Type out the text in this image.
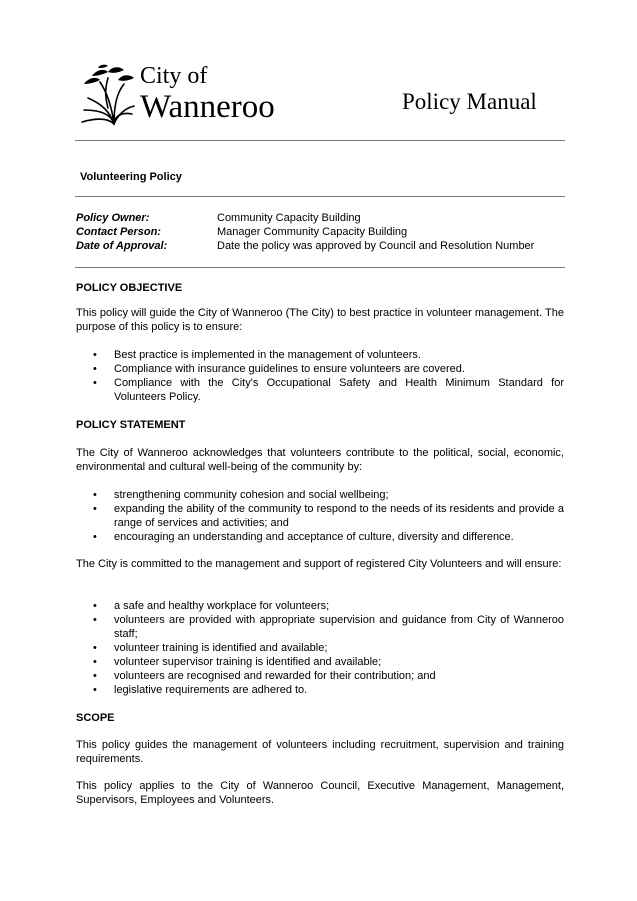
City of
Wanneroo	Policy Manual
Volunteering Policy
Policy Owner:	Community Capacity Building
Contact Person:	Manager Community Capacity Building
Date of Approval:	Date the policy was approved by Council and Resolution Number
POLICY OBJECTIVE
This policy will guide the City of Wanneroo (The City) to best practice in volunteer management. The purpose of this policy is to ensure:
• Best practice is implemented in the management of volunteers.
• Compliance with insurance guidelines to ensure volunteers are covered.
• Compliance with the City's Occupational Safety and Health Minimum Standard for Volunteers Policy.
POLICY STATEMENT
The City of Wanneroo acknowledges that volunteers contribute to the political, social, economic, environmental and cultural well-being of the community by:
• strengthening community cohesion and social wellbeing;
• expanding the ability of the community to respond to the needs of its residents and provide a range of services and activities; and
• encouraging an understanding and acceptance of culture, diversity and difference.
The City is committed to the management and support of registered City Volunteers and will ensure:
• a safe and healthy workplace for volunteers;
• volunteers are provided with appropriate supervision and guidance from City of Wanneroo staff;
• volunteer training is identified and available;
• volunteer supervisor training is identified and available;
• volunteers are recognised and rewarded for their contribution; and
• legislative requirements are adhered to.
SCOPE
This policy guides the management of volunteers including recruitment, supervision and training requirements.
This policy applies to the City of Wanneroo Council, Executive Management, Management, Supervisors, Employees and Volunteers.
